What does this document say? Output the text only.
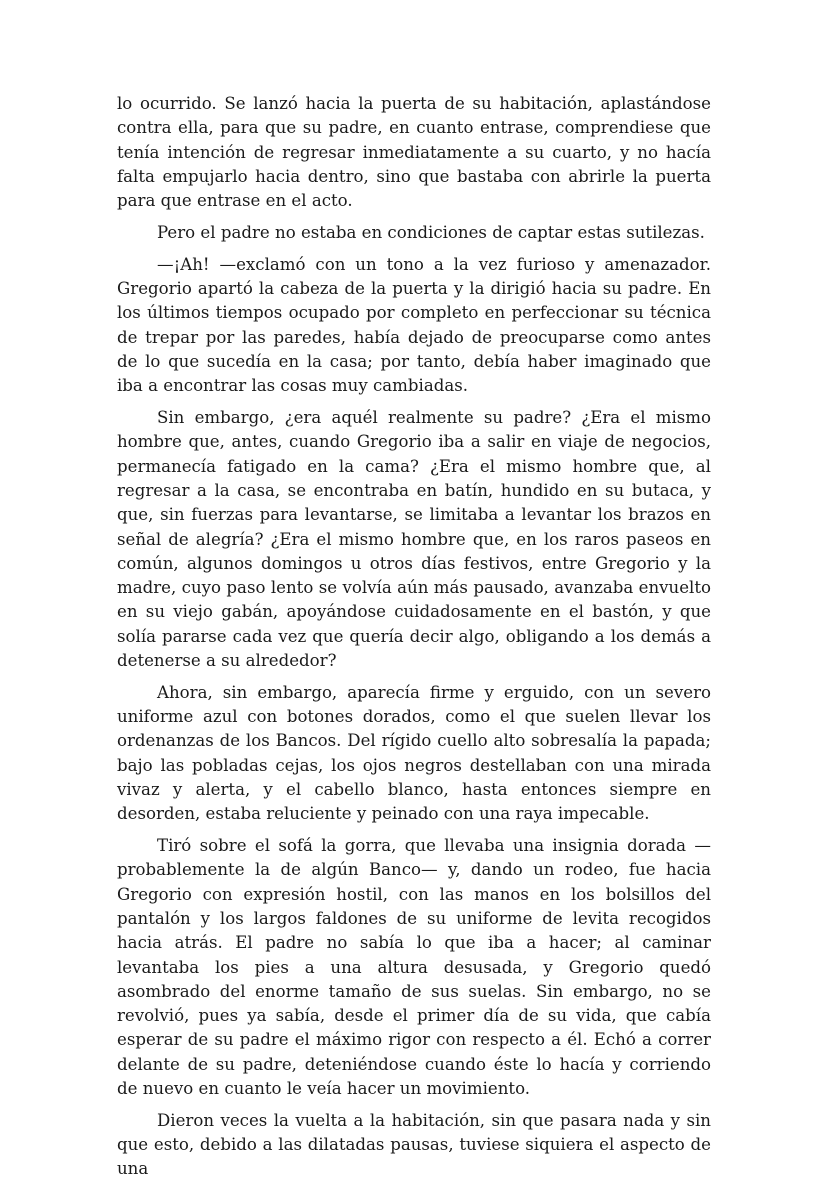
lo ocurrido. Se lanzó hacia la puerta de su habitación, aplastándose contra ella, para que su padre, en cuanto entrase, comprendiese que tenía intención de regresar inmediatamente a su cuarto, y no hacía falta empujarlo hacia dentro, sino que bastaba con abrirle la puerta para que entrase en el acto.

Pero el padre no estaba en condiciones de captar estas sutilezas.

—¡Ah! —exclamó con un tono a la vez furioso y amenazador. Gregorio apartó la cabeza de la puerta y la dirigió hacia su padre. En los últimos tiempos ocupado por completo en perfeccionar su técnica de trepar por las paredes, había dejado de preocuparse como antes de lo que sucedía en la casa; por tanto, debía haber imaginado que iba a encontrar las cosas muy cambiadas.

Sin embargo, ¿era aquél realmente su padre? ¿Era el mismo hombre que, antes, cuando Gregorio iba a salir en viaje de negocios, permanecía fatigado en la cama? ¿Era el mismo hombre que, al regresar a la casa, se encontraba en batín, hundido en su butaca, y que, sin fuerzas para levantarse, se limitaba a levantar los brazos en señal de alegría? ¿Era el mismo hombre que, en los raros paseos en común, algunos domingos u otros días festivos, entre Gregorio y la madre, cuyo paso lento se volvía aún más pausado, avanzaba envuelto en su viejo gabán, apoyándose cuidadosamente en el bastón, y que solía pararse cada vez que quería decir algo, obligando a los demás a detenerse a su alrededor?

Ahora, sin embargo, aparecía firme y erguido, con un severo uniforme azul con botones dorados, como el que suelen llevar los ordenanzas de los Bancos. Del rígido cuello alto sobresalía la papada; bajo las pobladas cejas, los ojos negros destellaban con una mirada vivaz y alerta, y el cabello blanco, hasta entonces siempre en desorden, estaba reluciente y peinado con una raya impecable.

Tiró sobre el sofá la gorra, que llevaba una insignia dorada —probablemente la de algún Banco— y, dando un rodeo, fue hacia Gregorio con expresión hostil, con las manos en los bolsillos del pantalón y los largos faldones de su uniforme de levita recogidos hacia atrás. El padre no sabía lo que iba a hacer; al caminar levantaba los pies a una altura desusada, y Gregorio quedó asombrado del enorme tamaño de sus suelas. Sin embargo, no se revolvió, pues ya sabía, desde el primer día de su vida, que cabía esperar de su padre el máximo rigor con respecto a él. Echó a correr delante de su padre, deteniéndose cuando éste lo hacía y corriendo de nuevo en cuanto le veía hacer un movimiento.

Dieron veces la vuelta a la habitación, sin que pasara nada y sin que esto, debido a las dilatadas pausas, tuviese siquiera el aspecto de una
